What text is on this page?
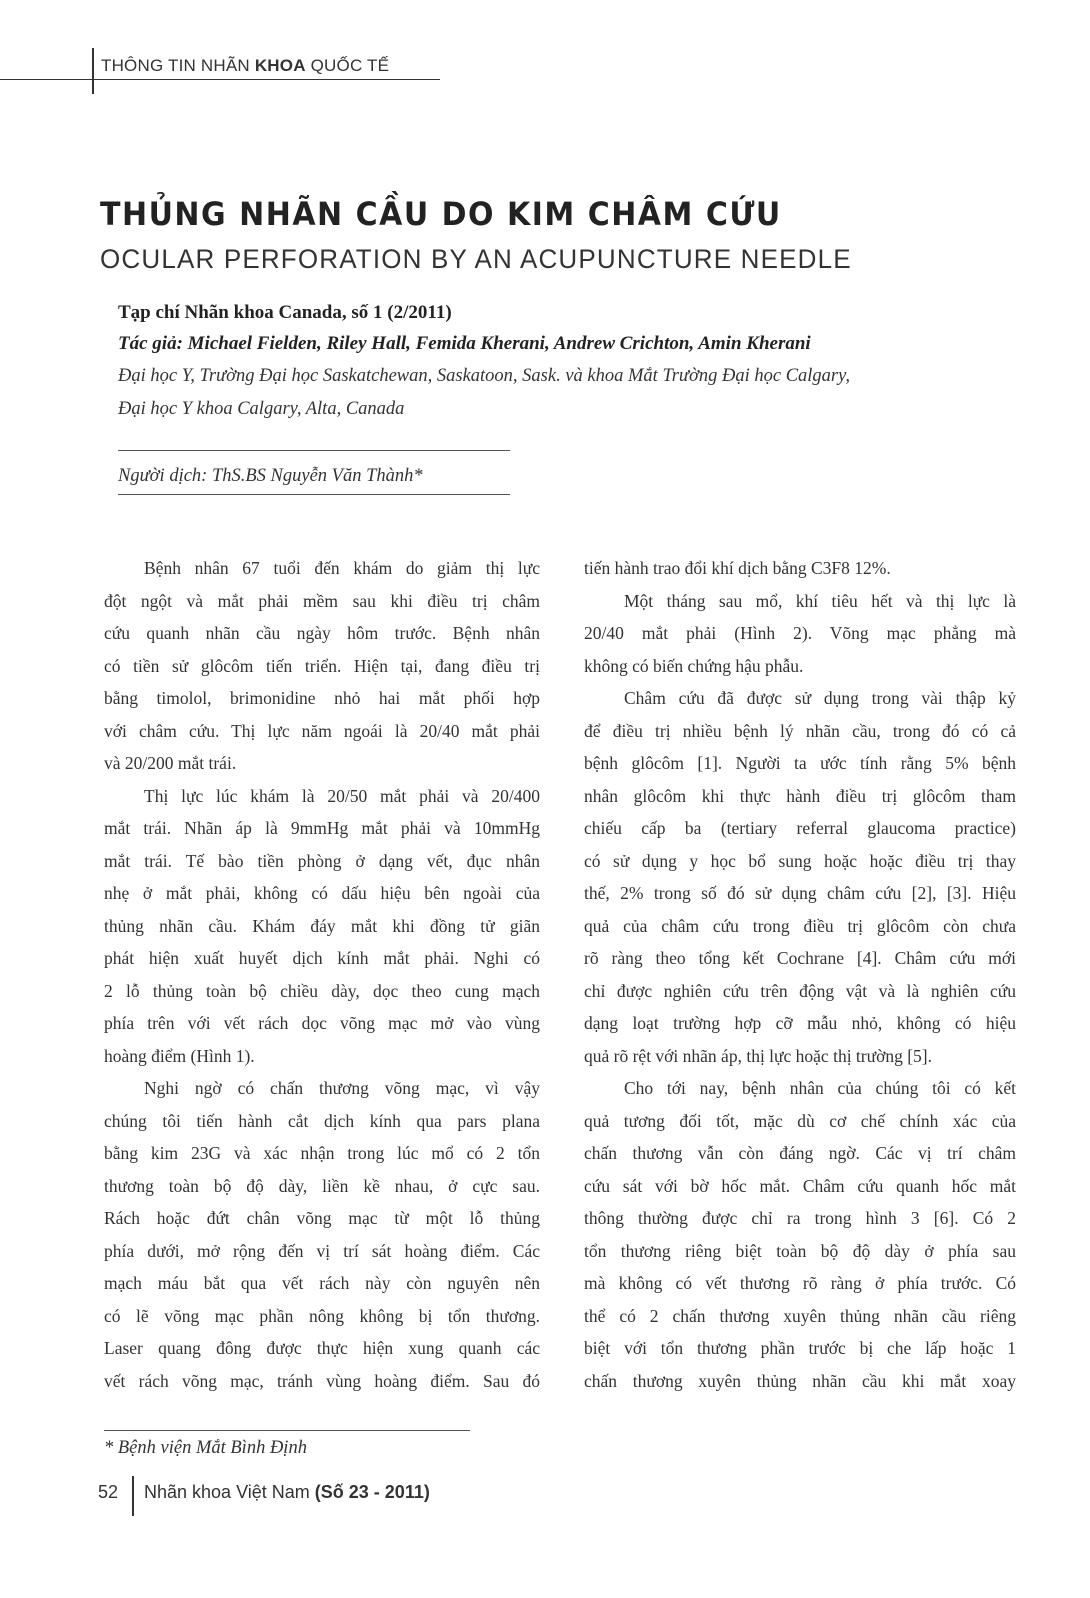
THÔNG TIN NHÃN KHOA QUỐC TẾ
THỦNG NHÃN CẦU DO KIM CHÂM CỨU
OCULAR PERFORATION BY AN ACUPUNCTURE NEEDLE
Tạp chí Nhãn khoa Canada, số 1 (2/2011)
Tác giả: Michael Fielden, Riley Hall, Femida Kherani, Andrew Crichton, Amin Kherani
Đại học Y, Trường Đại học Saskatchewan, Saskatoon, Sask. và khoa Mắt Trường Đại học Calgary,
Đại học Y khoa Calgary, Alta, Canada
Người dịch: ThS.BS Nguyễn Văn Thành*
Bệnh nhân 67 tuổi đến khám do giảm thị lực
đột ngột và mắt phải mềm sau khi điều trị châm
cứu quanh nhãn cầu ngày hôm trước. Bệnh nhân
có tiền sử glôcôm tiến triển. Hiện tại, đang điều trị
bằng timolol, brimonidine nhỏ hai mắt phối hợp
với châm cứu. Thị lực năm ngoái là 20/40 mắt phải
và 20/200 mắt trái.
Thị lực lúc khám là 20/50 mắt phải và 20/400
mắt trái. Nhãn áp là 9mmHg mắt phải và 10mmHg
mắt trái. Tế bào tiền phòng ở dạng vết, đục nhân
nhẹ ở mắt phải, không có dấu hiệu bên ngoài của
thủng nhãn cầu. Khám đáy mắt khi đồng tử giãn
phát hiện xuất huyết dịch kính mắt phải. Nghi có
2 lỗ thủng toàn bộ chiều dày, dọc theo cung mạch
phía trên với vết rách dọc võng mạc mở vào vùng
hoàng điểm (Hình 1).
Nghi ngờ có chấn thương võng mạc, vì vậy
chúng tôi tiến hành cắt dịch kính qua pars plana
bằng kim 23G và xác nhận trong lúc mổ có 2 tổn
thương toàn bộ độ dày, liền kề nhau, ở cực sau.
Rách hoặc đứt chân võng mạc từ một lỗ thủng
phía dưới, mở rộng đến vị trí sát hoàng điểm. Các
mạch máu bắt qua vết rách này còn nguyên nên
có lẽ võng mạc phần nông không bị tổn thương.
Laser quang đông được thực hiện xung quanh các
vết rách võng mạc, tránh vùng hoàng điểm. Sau đó
tiến hành trao đổi khí dịch bằng C3F8 12%.
Một tháng sau mổ, khí tiêu hết và thị lực là
20/40 mắt phải (Hình 2). Võng mạc phẳng mà
không có biến chứng hậu phẫu.
Châm cứu đã được sử dụng trong vài thập kỷ
để điều trị nhiều bệnh lý nhãn cầu, trong đó có cả
bệnh glôcôm [1]. Người ta ước tính rằng 5% bệnh
nhân glôcôm khi thực hành điều trị glôcôm tham
chiếu cấp ba (tertiary referral glaucoma practice)
có sử dụng y học bổ sung hoặc hoặc điều trị thay
thế, 2% trong số đó sử dụng châm cứu [2], [3]. Hiệu
quả của châm cứu trong điều trị glôcôm còn chưa
rõ ràng theo tổng kết Cochrane [4]. Châm cứu mới
chỉ được nghiên cứu trên động vật và là nghiên cứu
dạng loạt trường hợp cỡ mẫu nhỏ, không có hiệu
quả rõ rệt với nhãn áp, thị lực hoặc thị trường [5].
Cho tới nay, bệnh nhân của chúng tôi có kết
quả tương đối tốt, mặc dù cơ chế chính xác của
chấn thương vẫn còn đáng ngờ. Các vị trí châm
cứu sát với bờ hốc mắt. Châm cứu quanh hốc mắt
thông thường được chỉ ra trong hình 3 [6]. Có 2
tổn thương riêng biệt toàn bộ độ dày ở phía sau
mà không có vết thương rõ ràng ở phía trước. Có
thể có 2 chấn thương xuyên thủng nhãn cầu riêng
biệt với tổn thương phần trước bị che lấp hoặc 1
chấn thương xuyên thủng nhãn cầu khi mắt xoay
* Bệnh viện Mắt Bình Định
52 Nhãn khoa Việt Nam (Số 23 - 2011)
